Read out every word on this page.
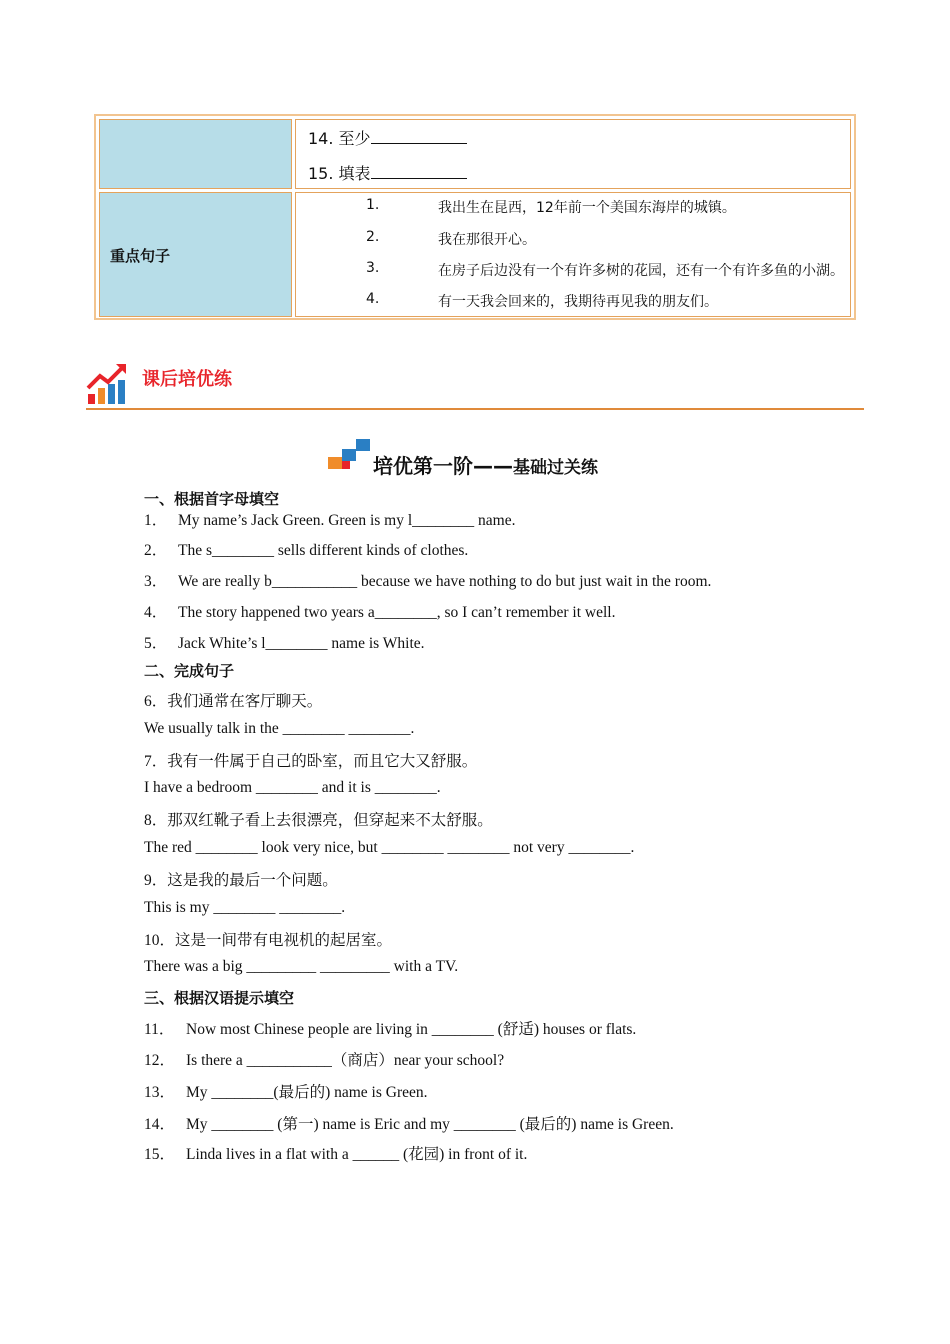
14. 至少
15. 填表
重点句子
1.	我出生在昆西，12年前一个美国东海岸的城镇。
2.	我在那很开心。
3.	在房子后边没有一个有许多树的花园，还有一个有许多鱼的小湖。
4.	有一天我会回来的，我期待再见我的朋友们。
课后培优练
培优第一阶——基础过关练
一、根据首字母填空
1． My name’s Jack Green. Green is my l________ name.
2． The s________ sells different kinds of clothes.
3． We are really b___________ because we have nothing to do but just wait in the room.
4． The story happened two years a________, so I can’t remember it well.
5． Jack White’s l________ name is White.
二、完成句子
6．我们通常在客厅聊天。
We usually talk in the ________ ________.
7．我有一件属于自己的卧室，而且它大又舒服。
I have a bedroom ________ and it is ________.
8．那双红靴子看上去很漂亮，但穿起来不太舒服。
The red ________ look very nice, but ________ ________ not very ________.
9．这是我的最后一个问题。
This is my ________ ________.
10．这是一间带有电视机的起居室。
There was a big _________ _________ with a TV.
三、根据汉语提示填空
11． Now most Chinese people are living in ________ (舒适) houses or flats.
12． Is there a ___________（商店）near your school?
13． My ________(最后的) name is Green.
14． My ________ (第一) name is Eric and my ________ (最后的) name is Green.
15． Linda lives in a flat with a ______ (花园) in front of it.
